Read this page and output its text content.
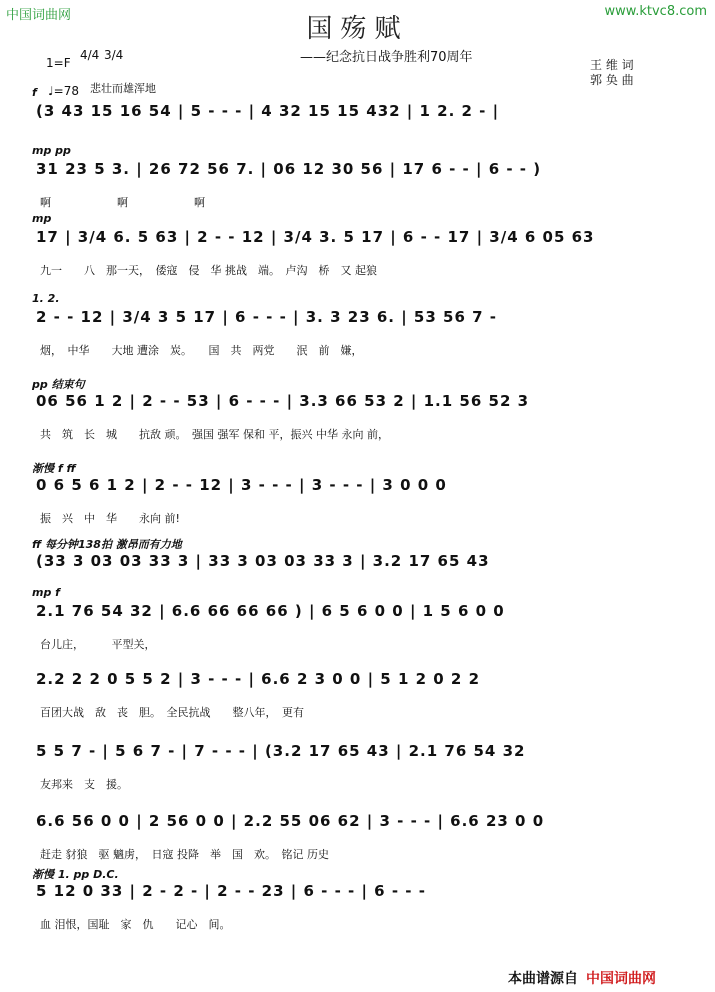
中国词曲网	www.ktvc8.com
国殇赋
——纪念抗日战争胜利70周年	王 维 词
郭 奂 曲
1=F
4/4 3/4
♩=78 悲壮而雄浑地
f
(3 43 15 16 54 | 5 - - - | 4 32 15 15 432 | 1 2. 2 - |
mp pp
31 23 5 3. | 26 72 56 7. | 06 12 30 56 | 17 6 - - | 6 - - )
啊　　　　　　啊　　　　　　啊
mp
17 | 3/4 6. 5 63 | 2 - - 12 | 3/4 3. 5 17 | 6 - - 17 | 3/4 6 05 63
九一　　八　那一天，　倭寇　侵　华 挑战　端。　卢沟　桥　又 起狼
1. 2.
2 - - 12 | 3/4 3 5 17 | 6 - - - | 3. 3 23 6. | 53 56 7 -
烟，　中华　　大地 遭涂　炭。　　国　共　两党　　泯　前　嫌，
pp 结束句
06 56 1 2 | 2 - - 53 | 6 - - - | 3.3 66 53 2 | 1.1 56 52 3
共　筑　长　城　　抗敌 顽。　强国 强军 保和 平，振兴 中华 永向 前，
渐慢 f ff
0 6 5 6 1 2 | 2 - - 12 | 3 - - - | 3 - - - | 3 0 0 0
振　兴　中　华　　永向 前!
ff 每分钟138拍 激昂而有力地
(33 3 03 03 33 3 | 33 3 03 03 33 3 | 3.2 17 65 43
mp f
2.1 76 54 32 | 6.6 66 66 66 ) | 6 5 6 0 0 | 1 5 6 0 0
台儿庄，　　　平型关，
2.2 2 2 0 5 5 2 | 3 - - - | 6.6 2 3 0 0 | 5 1 2 0 2 2
百团大战　敌　丧　胆。　全民抗战　　整八年，　更有
5 5 7 - | 5 6 7 - | 7 - - - | (3.2 17 65 43 | 2.1 76 54 32
友邦来　支　援。
6.6 56 0 0 | 2 56 0 0 | 2.2 55 06 62 | 3 - - - | 6.6 23 0 0
赶走 豺狼　驱 魑虏，　日寇 投降　举　国　欢。　铭记 历史
渐慢 1. pp D.C.
5 12 0 33 | 2 - 2 - | 2 - - 23 | 6 - - - | 6 - - -
血 泪恨，国耻　家　仇　　记心　间。
本曲谱源自 中国词曲网
